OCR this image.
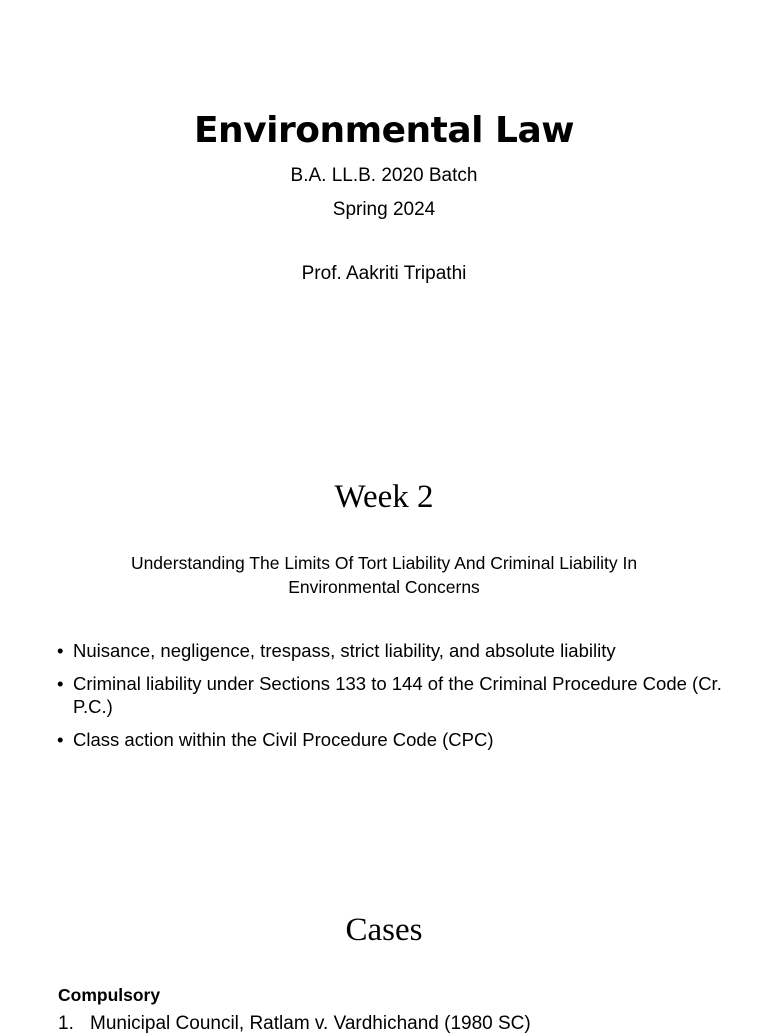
Environmental Law
B.A. LL.B. 2020 Batch
Spring 2024
Prof. Aakriti Tripathi
Week 2
Understanding The Limits Of Tort Liability And Criminal Liability In Environmental Concerns
• Nuisance, negligence, trespass, strict liability, and absolute liability
• Criminal liability under Sections 133 to 144 of the Criminal Procedure Code (Cr. P.C.)
• Class action within the Civil Procedure Code (CPC)
Cases
Compulsory
1. Municipal Council, Ratlam v. Vardhichand (1980 SC)
